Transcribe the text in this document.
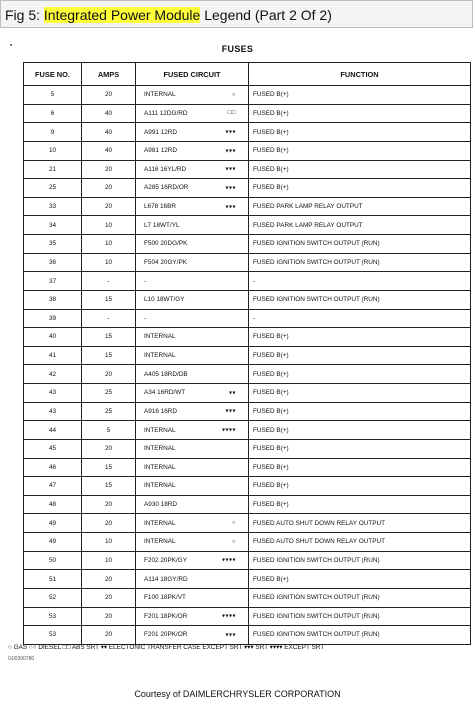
Fig 5: Integrated Power Module Legend (Part 2 Of 2)
FUSES
FUSE NO.	AMPS	FUSED CIRCUIT	FUNCTION
5	20	INTERNAL ○	FUSED B(+)
6	40	A111 12DG/RD □□	FUSED B(+)
9	40	A991 12RD ▾▾▾	FUSED B(+)
10	40	A981 12RD ▾▾▾	FUSED B(+)
21	20	A116 16YL/RD ▾▾▾	FUSED B(+)
25	20	A285 16RD/OR ▾▾▾	FUSED B(+)
33	20	L678 16BR ▾▾▾	FUSED PARK LAMP RELAY OUTPUT
34	10	L7 18WT/YL	FUSED PARK LAMP RELAY OUTPUT
35	10	F500 20DG/PK	FUSED IGNITION SWITCH OUTPUT (RUN)
36	10	F504 20GY/PK	FUSED IGNITION SWITCH OUTPUT (RUN)
37	-	-	-
38	15	L10 18WT/GY	FUSED IGNITION SWITCH OUTPUT (RUN)
39	-	-	-
40	15	INTERNAL	FUSED B(+)
41	15	INTERNAL	FUSED B(+)
42	20	A405 18RD/DB	FUSED B(+)
43	25	A34 16RD/WT ▾▾	FUSED B(+)
43	25	A916 16RD ▾▾▾	FUSED B(+)
44	5	INTERNAL ▾▾▾▾	FUSED B(+)
45	20	INTERNAL	FUSED B(+)
46	15	INTERNAL	FUSED B(+)
47	15	INTERNAL	FUSED B(+)
48	20	A930 18RD	FUSED B(+)
49	20	INTERNAL ○	FUSED AUTO SHUT DOWN RELAY OUTPUT
49	10	INTERNAL ○	FUSED AUTO SHUT DOWN RELAY OUTPUT
50	10	F202 20PK/GY ▾▾▾▾	FUSED IGNITION SWITCH OUTPUT (RUN)
51	20	A114 18GY/RD	FUSED B(+)
52	20	F100 18PK/VT	FUSED IGNITION SWITCH OUTPUT (RUN)
53	20	F201 18PK/OR ▾▾▾▾	FUSED IGNITION SWITCH OUTPUT (RUN)
53	20	F201 20PK/OR ▾▾▾	FUSED IGNITION SWITCH OUTPUT (RUN)
○ GAS ○○ DIESEL □□ ABS SRT ▾▾ ELECTONIC TRANSFER CASE EXCEPT SRT ▾▾▾ SRT ▾▾▾▾ EXCEPT SRT
G00300780
Courtesy of DAIMLERCHRYSLER CORPORATION
